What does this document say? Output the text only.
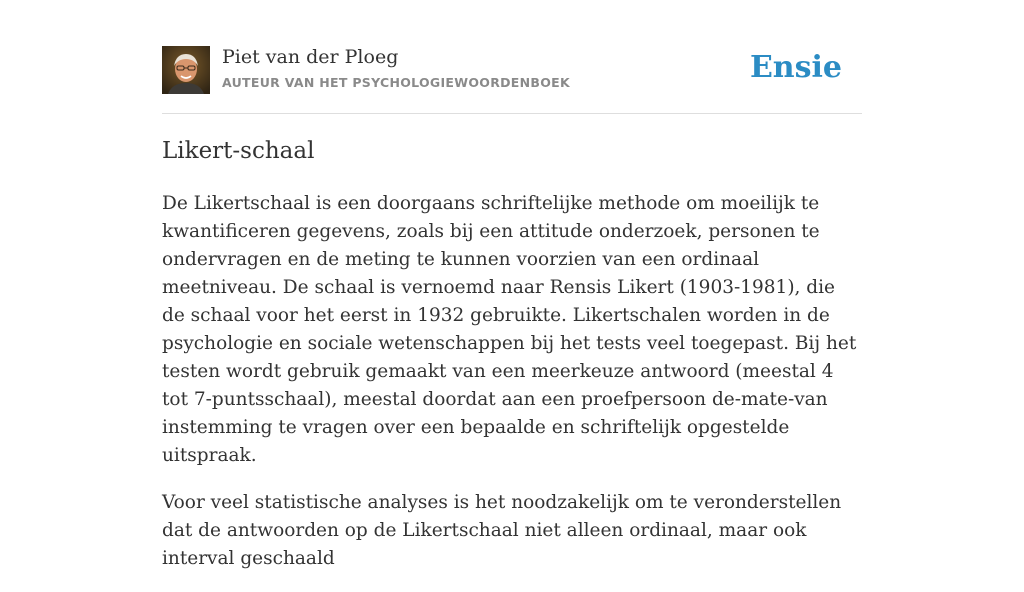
Piet van der Ploeg
AUTEUR VAN HET PSYCHOLOGIEWOORDENBOEK	Ensie
Likert-schaal

De Likertschaal is een doorgaans schriftelijke methode om moeilijk te kwantificeren gegevens, zoals bij een attitude onderzoek, personen te ondervragen en de meting te kunnen voorzien van een ordinaal meetniveau. De schaal is vernoemd naar Rensis Likert (1903-1981), die de schaal voor het eerst in 1932 gebruikte. Likertschalen worden in de psychologie en sociale wetenschappen bij het tests veel toegepast. Bij het testen wordt gebruik gemaakt van een meerkeuze antwoord (meestal 4 tot 7-puntsschaal), meestal doordat aan een proefpersoon de-mate-van instemming te vragen over een bepaalde en schriftelijk opgestelde uitspraak.

Voor veel statistische analyses is het noodzakelijk om te veronderstellen dat de antwoorden op de Likertschaal niet alleen ordinaal, maar ook interval geschaald
